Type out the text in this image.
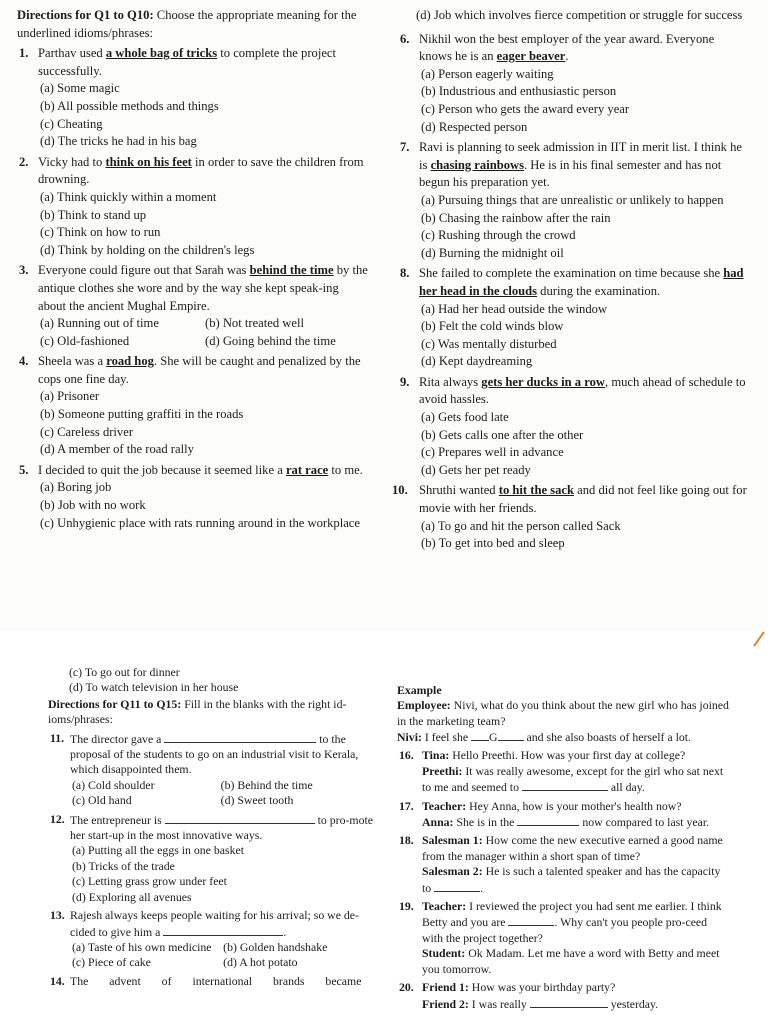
Directions for Q1 to Q10: Choose the appropriate meaning for the underlined idioms/phrases:

1. Parthav used a whole bag of tricks to complete the project successfully.

(a) Some magic

(b) All possible methods and things

(c) Cheating

(d) The tricks he had in his bag

2. Vicky had to think on his feet in order to save the children from drowning.

(a) Think quickly within a moment

(b) Think to stand up

(c) Think on how to run

(d) Think by holding on the children's legs

3. Everyone could figure out that Sarah was behind the time by the antique clothes she wore and by the way she kept speak-ing about the ancient Mughal Empire.

(a) Running out of time	(b) Not treated well

(c) Old-fashioned	(d) Going behind the time

4. Sheela was a road hog. She will be caught and penalized by the cops one fine day.

(a) Prisoner

(b) Someone putting graffiti in the roads

(c) Careless driver

(d) A member of the road rally

5. I decided to quit the job because it seemed like a rat race to me.

(a) Boring job

(b) Job with no work

(c) Unhygienic place with rats running around in the workplace

(d) Job which involves fierce competition or struggle for success

6. Nikhil won the best employer of the year award. Everyone knows he is an eager beaver.

(a) Person eagerly waiting

(b) Industrious and enthusiastic person

(c) Person who gets the award every year

(d) Respected person

7. Ravi is planning to seek admission in IIT in merit list. I think he is chasing rainbows. He is in his final semester and has not begun his preparation yet.

(a) Pursuing things that are unrealistic or unlikely to happen

(b) Chasing the rainbow after the rain

(c) Rushing through the crowd

(d) Burning the midnight oil

8. She failed to complete the examination on time because she had her head in the clouds during the examination.

(a) Had her head outside the window

(b) Felt the cold winds blow

(c) Was mentally disturbed

(d) Kept daydreaming

9. Rita always gets her ducks in a row, much ahead of schedule to avoid hassles.

(a) Gets food late

(b) Gets calls one after the other

(c) Prepares well in advance

(d) Gets her pet ready

10. Shruthi wanted to hit the sack and did not feel like going out for movie with her friends.

(a) To go and hit the person called Sack

(b) To get into bed and sleep

(c) To go out for dinner

(d) To watch television in her house

Directions for Q11 to Q15: Fill in the blanks with the right id-ioms/phrases:

11. The director gave a	to the proposal of the students to go on an industrial visit to Kerala, which disappointed them.

(a) Cold shoulder	(b) Behind the time

(c) Old hand	(d) Sweet tooth

12. The entrepreneur is	to pro-mote her start-up in the most innovative ways.

(a) Putting all the eggs in one basket

(b) Tricks of the trade

(c) Letting grass grow under feet

(d) Exploring all avenues

13. Rajesh always keeps people waiting for his arrival; so we de-cided to give him a	.

(a) Taste of his own medicine (b) Golden handshake

(c) Piece of cake	(d) A hot potato

14. The advent of international brands became

Example

Employee: Nivi, what do you think about the new girl who has joined in the marketing team?

Nivi: I feel she G and she also boasts of herself a lot.

16. Tina: Hello Preethi. How was your first day at college?

Preethi: It was really awesome, except for the girl who sat next to me and seemed to	all day.

17. Teacher: Hey Anna, how is your mother's health now?

Anna: She is in the	now compared to last year.

18. Salesman 1: How come the new executive earned a good name from the manager within a short span of time?

Salesman 2: He is such a talented speaker and has the capacity to	.

19. Teacher: I reviewed the project you had sent me earlier. I think Betty and you are	. Why can't you people pro-ceed with the project together?

Student: Ok Madam. Let me have a word with Betty and meet you tomorrow.

20. Friend 1: How was your birthday party?

Friend 2: I was really	yesterday.
